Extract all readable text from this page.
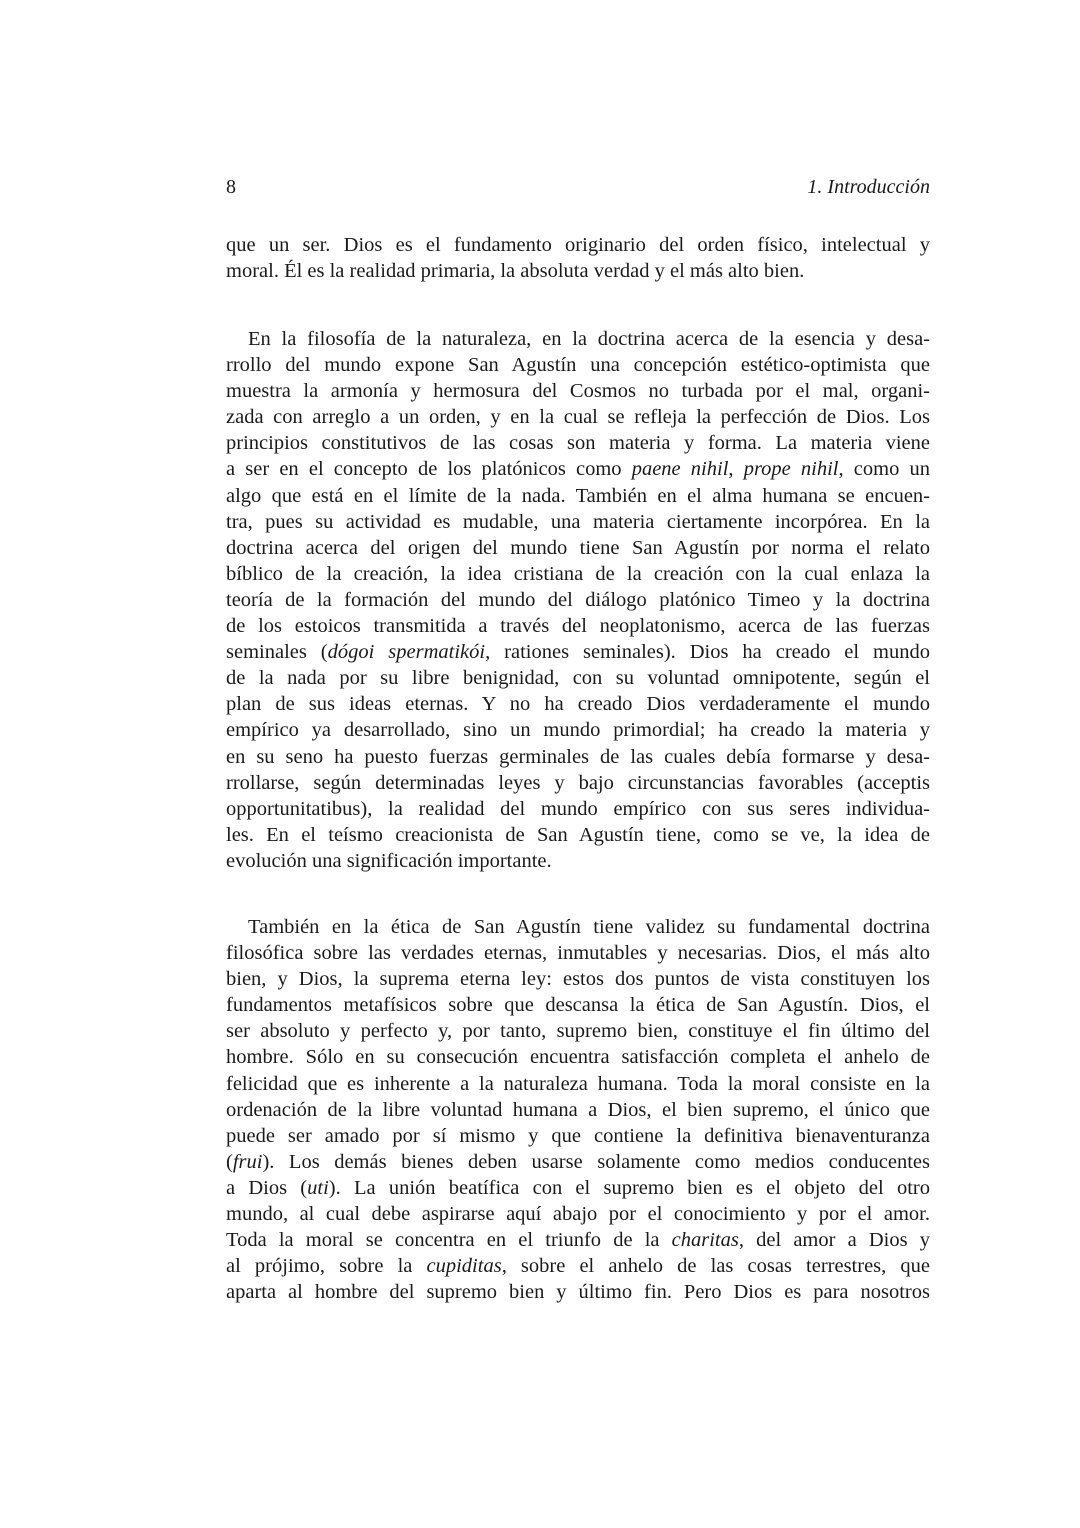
8	1. Introducción
que un ser. Dios es el fundamento originario del orden físico, intelectual y
moral. Él es la realidad primaria, la absoluta verdad y el más alto bien.
En la filosofía de la naturaleza, en la doctrina acerca de la esencia y desa-
rrollo del mundo expone San Agustín una concepción estético-optimista que
muestra la armonía y hermosura del Cosmos no turbada por el mal, organi-
zada con arreglo a un orden, y en la cual se refleja la perfección de Dios. Los
principios constitutivos de las cosas son materia y forma. La materia viene
a ser en el concepto de los platónicos como paene nihil, prope nihil, como un
algo que está en el límite de la nada. También en el alma humana se encuen-
tra, pues su actividad es mudable, una materia ciertamente incorpórea. En la
doctrina acerca del origen del mundo tiene San Agustín por norma el relato
bíblico de la creación, la idea cristiana de la creación con la cual enlaza la
teoría de la formación del mundo del diálogo platónico Timeo y la doctrina
de los estoicos transmitida a través del neoplatonismo, acerca de las fuerzas
seminales (dógoi spermatikói, rationes seminales). Dios ha creado el mundo
de la nada por su libre benignidad, con su voluntad omnipotente, según el
plan de sus ideas eternas. Y no ha creado Dios verdaderamente el mundo
empírico ya desarrollado, sino un mundo primordial; ha creado la materia y
en su seno ha puesto fuerzas germinales de las cuales debía formarse y desa-
rrollarse, según determinadas leyes y bajo circunstancias favorables (acceptis
opportunitatibus), la realidad del mundo empírico con sus seres individua-
les. En el teísmo creacionista de San Agustín tiene, como se ve, la idea de
evolución una significación importante.
También en la ética de San Agustín tiene validez su fundamental doctrina
filosófica sobre las verdades eternas, inmutables y necesarias. Dios, el más alto
bien, y Dios, la suprema eterna ley: estos dos puntos de vista constituyen los
fundamentos metafísicos sobre que descansa la ética de San Agustín. Dios, el
ser absoluto y perfecto y, por tanto, supremo bien, constituye el fin último del
hombre. Sólo en su consecución encuentra satisfacción completa el anhelo de
felicidad que es inherente a la naturaleza humana. Toda la moral consiste en la
ordenación de la libre voluntad humana a Dios, el bien supremo, el único que
puede ser amado por sí mismo y que contiene la definitiva bienaventuranza
(frui). Los demás bienes deben usarse solamente como medios conducentes
a Dios (uti). La unión beatífica con el supremo bien es el objeto del otro
mundo, al cual debe aspirarse aquí abajo por el conocimiento y por el amor.
Toda la moral se concentra en el triunfo de la charitas, del amor a Dios y
al prójimo, sobre la cupiditas, sobre el anhelo de las cosas terrestres, que
aparta al hombre del supremo bien y último fin. Pero Dios es para nosotros
